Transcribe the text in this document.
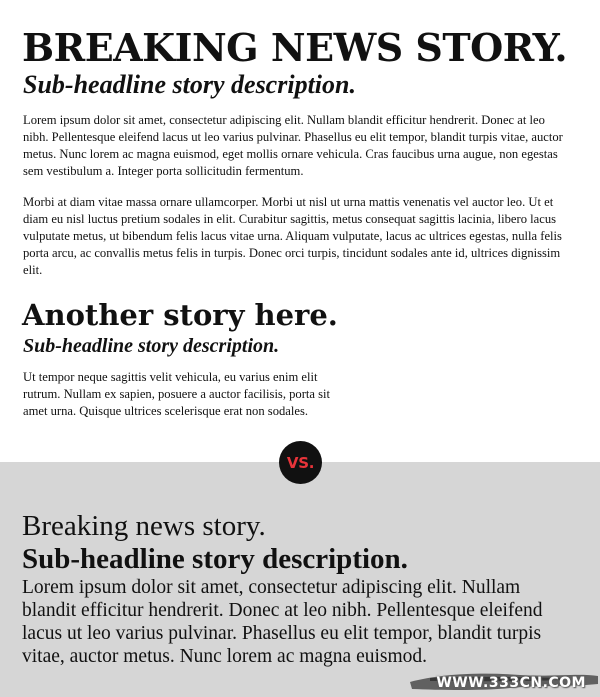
BREAKING NEWS STORY.
Sub-headline story description.

Lorem ipsum dolor sit amet, consectetur adipiscing elit. Nullam blandit efficitur hendrerit. Donec at leo nibh. Pellentesque eleifend lacus ut leo varius pulvinar. Phasellus eu elit tempor, blandit turpis vitae, auctor metus. Nunc lorem ac magna euismod, eget mollis ornare vehicula. Cras faucibus urna augue, non egestas sem vestibulum a. Integer porta sollicitudin fermentum.

Morbi at diam vitae massa ornare ullamcorper. Morbi ut nisl ut urna mattis venenatis vel auctor leo. Ut et diam eu nisl luctus pretium sodales in elit. Curabitur sagittis, metus consequat sagittis lacinia, libero lacus vulputate metus, ut bibendum felis lacus vitae urna. Aliquam vulputate, lacus ac ultrices egestas, nulla felis porta arcu, ac convallis metus felis in turpis. Donec orci turpis, tincidunt sodales ante id, ultrices dignissim elit.

Another story here.
Sub-headline story description.

Ut tempor neque sagittis velit vehicula, eu varius enim elit rutrum. Nullam ex sapien, posuere a auctor facilisis, porta sit amet urna. Quisque ultrices scelerisque erat non sodales.

VS.
Breaking news story.
Sub-headline story description.

Lorem ipsum dolor sit amet, consectetur adipiscing elit. Nullam blandit efficitur hendrerit. Donec at leo nibh. Pellentesque eleifend lacus ut leo varius pulvinar. Phasellus eu elit tempor, blandit turpis vitae, auctor metus. Nunc lorem ac magna euismod.

WWW.333CN.COM
